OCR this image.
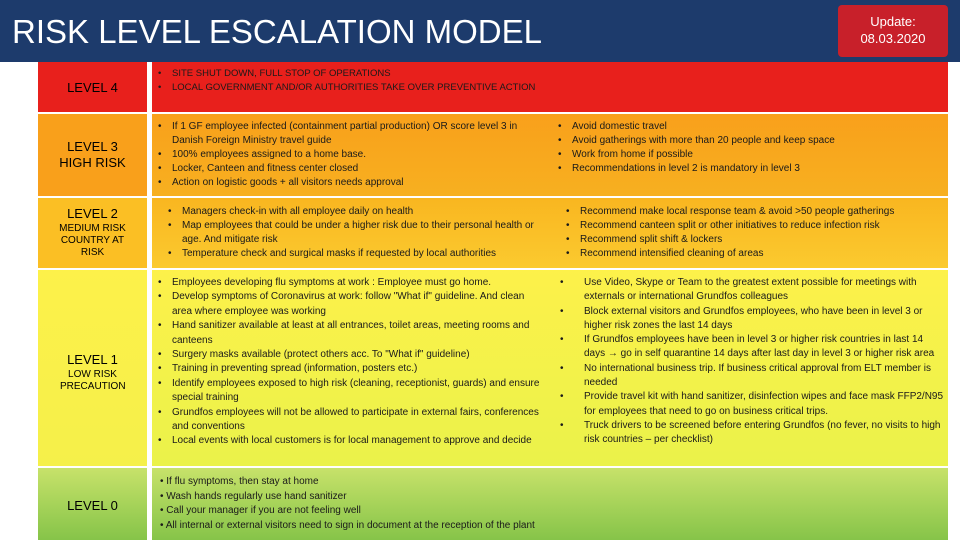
RISK LEVEL ESCALATION MODEL	Update:
08.03.2020
LEVEL 4
LEVEL 3
HIGH RISK
LEVEL 2
MEDIUM RISK COUNTRY AT RISK
LEVEL 1
LOW RISK PRECAUTION
LEVEL 0
• SITE SHUT DOWN, FULL STOP OF OPERATIONS
• LOCAL GOVERNMENT AND/OR AUTHORITIES TAKE OVER PREVENTIVE ACTION
• If 1 GF employee infected (containment partial production) OR score level 3 in Danish Foreign Ministry travel guide
• 100% employees assigned to a home base.
• Locker, Canteen and fitness center closed
• Action on logistic goods + all visitors needs approval
• Avoid domestic travel
• Avoid gatherings with more than 20 people and keep space
• Work from home if possible
• Recommendations in level 2 is mandatory in level 3
• Managers check-in with all employee daily on health
• Map employees that could be under a higher risk due to their personal health or age. And mitigate risk
• Temperature check and surgical masks if requested by local authorities
• Recommend make local response team & avoid >50 people gatherings
• Recommend canteen split or other initiatives to reduce infection risk
• Recommend split shift & lockers
• Recommend intensified cleaning of areas
• Employees developing flu symptoms at work : Employee must go home.
• Develop symptoms of Coronavirus at work: follow "What if" guideline. And clean area where employee was working
• Hand sanitizer available at least at all entrances, toilet areas, meeting rooms and canteens
• Surgery masks available (protect others acc. To "What if" guideline)
• Training in preventing spread (information, posters etc.)
• Identify employees exposed to high risk (cleaning, receptionist, guards) and ensure special training
• Grundfos employees will not be allowed to participate in external fairs, conferences and conventions
• Local events with local customers is for local management to approve and decide
• Use Video, Skype or Team to the greatest extent possible for meetings with externals or international Grundfos colleagues
• Block external visitors and Grundfos employees, who have been in level 3 or higher risk zones the last 14 days
• If Grundfos employees have been in level 3 or higher risk countries in last 14 days → go in self quarantine 14 days after last day in level 3 or higher risk area
• No international business trip. If business critical approval from ELT member is needed
• Provide travel kit with hand sanitizer, disinfection wipes and face mask FFP2/N95 for employees that need to go on business critical trips.
• Truck drivers to be screened before entering Grundfos (no fever, no visits to high risk countries – per checklist)
• If flu symptoms, then stay at home
• Wash hands regularly use hand sanitizer
• Call your manager if you are not feeling well
• All internal or external visitors need to sign in document at the reception of the plant
